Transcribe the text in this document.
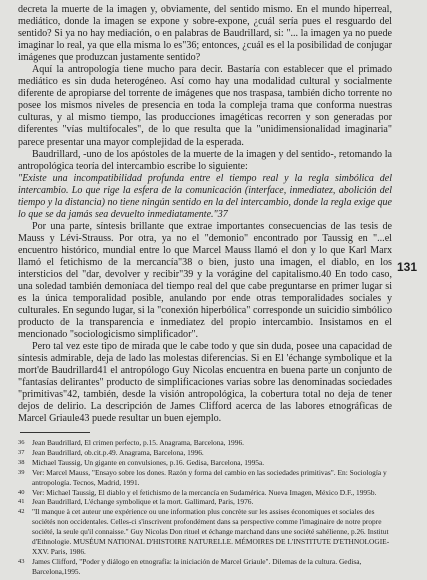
decreta la muerte de la imagen y, obviamente, del sentido mismo. En el mundo hiperreal, mediático, donde la imagen se expone y sobre-expone, ¿cuál sería pues el resguardo del sentido? Si ya no hay mediación, o en palabras de Baudrillard, si: "... la imagen ya no puede imaginar lo real, ya que ella misma lo es"36; entonces, ¿cuál es el la posibilidad de conjugar imágenes que produzcan justamente sentido?

Aquí la antropología tiene mucho para decir. Bastaría con establecer que el primado mediático es sin duda heterogéneo. Así como hay una modalidad cultural y socialmente diferente de apropiarse del torrente de imágenes que nos traspasa, también dicho torrente no posee los mismos niveles de presencia en toda la compleja trama que conforma nuestras culturas, y al mismo tiempo, las producciones imagéticas recorren y son generadas por diferentes "vías multifocales", de lo que resulta que la "unidimensionalidad imaginaria" parece presentar una mayor complejidad de la esperada.

Baudrillard, -uno de los apóstoles de la muerte de la imagen y del sentido-, retomando la antropológica teoría del intercambio escribe lo siguiente:

"Existe una incompatibilidad profunda entre el tiempo real y la regla simbólica del intercambio. Lo que rige la esfera de la comunicación (interface, inmediatez, abolición del tiempo y la distancia) no tiene ningún sentido en la del intercambio, donde la regla exige que lo que se da jamás sea devuelto inmediatamente."37

Por una parte, síntesis brillante que extrae importantes consecuencias de las tesis de Mauss y Lévi-Strauss. Por otra, ya no el "demonio" encontrado por Taussig en "...el encuentro histórico, mundial entre lo que Marcel Mauss llamó el don y lo que Karl Marx llamó el fetichismo de la mercancía"38 o bien, justo una imagen, el diablo, en los intersticios del "dar, devolver y recibir"39 y la vorágine del capitalismo.40 En todo caso, una soledad también demoníaca del tiempo real del que cabe preguntarse en primer lugar si es la única temporalidad posible, anulando por ende otras temporalidades sociales y culturales. En segundo lugar, si la "conexión hiperbólica" corresponde un suicidio simbólico producto de la transparencia e inmediatez del propio intercambio. Insistamos en el mencionado "sociologicismo simplificador".

Pero tal vez este tipo de mirada que le cabe todo y que sin duda, posee una capacidad de síntesis admirable, deja de lado las molestas diferencias. Si en El 'échange symbolique et la mort'de Baudrillard41 el antropólogo Guy Nicolas encuentra en buena parte un conjunto de "fantasías delirantes" producto de simplificaciones varias sobre las denominadas sociedades "primitivas"42, también, desde la visión antropológica, la cobertura total no deja de tener dejos de delirio. La descripción de James Clifford acerca de las labores etnográficas de Marcel Griaule43 puede resultar un buen ejemplo.

131
36	Jean Baudrillard, El crimen perfecto, p.15. Anagrama, Barcelona, 1996.
37	Jean Baudrillard, ob.cit.p.49. Anagrama, Barcelona, 1996.
38	Michael Taussig, Un gigante en convulsiones, p.16. Gedisa, Barcelona, 1995a.
39	Ver: Marcel Mauss, "Ensayo sobre los dones. Razón y forma del cambio en las sociedades primitivas". En: Sociología y antropología. Tecnos, Madrid, 1991.
40	Ver: Michael Taussig, El diablo y el fetichismo de la mercancía en Sudamérica. Nueva Imagen, México D.F., 1995b.
41	Jean Baudrillard, L'échange symbolique et la mort. Gallimard, Paris, 1976.
42	"Il manque à cet auteur une expérience ou une information plus concrète sur les assises économiques et sociales des sociétés non occidentales. Celles-ci s'inscrivent profondément dans sa perspective comme l'imaginaire de notre propre société, la seule qu'il connaisse." Guy Nicolas Don rituel et échange marchand dans une société sahélienne, p.26. Institut d'Ethnologie. MUSÉUM NATIONAL D'HISTOIRE NATURELLE. MÉMOIRES DE L'INSTITUTE D'ETHNOLOGIE-XXV. Paris, 1986.
43	James Clifford, "Poder y diálogo en etnografía: la iniciación de Marcel Griaule". Dilemas de la cultura. Gedisa, Barcelona,1995.
